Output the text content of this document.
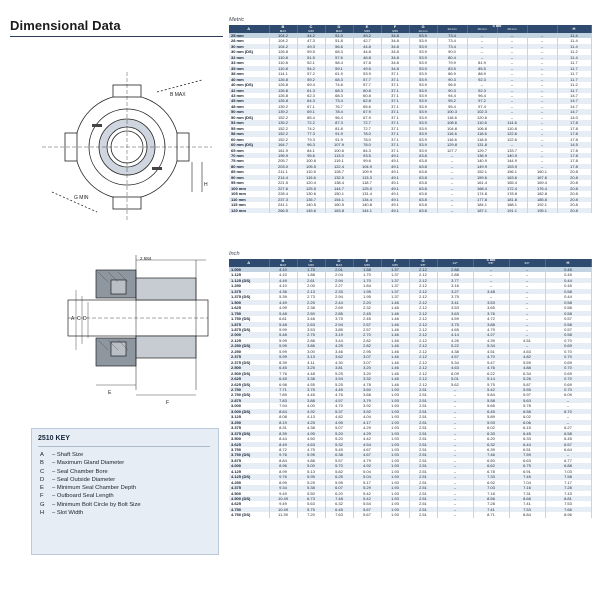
Dimensional Data
B MAX
G MIN
H
2.584
A C D
E
F
2510 KEY
A – Shaft Size
B – Maximum Gland Diameter
C – Seal Chamber Bore
D – Seal Outside Diameter
E – Minimum Seal Chamber Depth
F – Outboard Seal Length
G – Minimum Bolt Circle by Bolt Size
H – Slot Width
Metric
A	B
MAX	C
MIN	D
MAX	E
MIN	F
MIN	G
10 mm	12 mm	16 mm	20 mm		H

25 mm	104.2	44.2	51.0	49.2	34.8	53.9	73.4	–	–	–	11.4
28 mm	104.2	47.3	51.8	42.7	34.8	53.9	73.4	–	–	–	11.4
30 mm	104.2	49.3	56.6	44.8	34.8	53.9	73.4	–	–	–	11.4
30 mm (DS)	126.8	59.5	68.3	44.8	34.8	53.9	90.0	–	–	–	11.2
32 mm	110.8	51.5	57.6	46.8	34.8	53.9	80.4	–	–	–	11.4
33 mm	110.8	52.1	58.4	47.8	34.8	53.9	79.9	81.9	–	–	11.7
35 mm	110.8	54.2	59.1	49.6	34.8	53.9	83.5	85.5	–	–	11.7
38 mm	114.1	57.2	61.9	53.9	37.1	53.9	86.9	88.9	–	–	11.7
40 mm	126.8	59.2	68.3	57.7	37.1	53.9	90.3	92.3	–	–	11.7
40 mm (DS)	126.8	69.4	74.6	57.7	37.1	53.9	96.5	–	–	–	11.2
42 mm	126.8	61.3	68.3	60.8	37.1	53.9	90.3	92.3	–	–	11.7
43 mm	126.8	62.3	68.3	60.8	37.1	53.9	94.4	96.4	–	–	14.7
45 mm	126.8	64.3	73.4	62.8	37.1	53.9	95.2	97.2	–	–	14.7
48 mm	139.2	67.1	76.7	65.6	37.1	53.9	95.4	97.4	–	–	14.7
50 mm	139.2	69.1	78.4	67.9	37.1	53.9	100.3	102.3	–	–	14.7
50 mm (DS)	152.2	85.4	96.4	67.9	37.1	53.9	118.6	120.6	–	–	14.0
53 mm	139.2	72.2	87.3	72.7	37.1	53.9	108.6	110.6	114.6	–	17.8
55 mm	152.2	74.2	81.8	72.7	37.1	53.9	104.8	106.8	110.8	–	17.8
58 mm	152.2	77.3	91.9	78.0	37.1	53.9	116.6	118.6	122.6	–	17.8
60 mm	152.2	79.3	91.9	78.0	37.1	53.9	116.6	118.6	122.6	–	17.8
60 mm (DS)	164.7	96.3	107.9	78.0	37.1	53.9	129.8	131.8	–	–	14.5
65 mm	161.9	84.1	100.6	84.3	37.1	53.9	127.7	129.7	133.7	–	17.8
70 mm	195.9	95.6	113.0	93.5	49.1	63.8	–	136.9	140.9	–	17.8
75 mm	205.7	100.6	119.1	99.6	49.1	63.8	–	140.9	144.9	–	17.8
80 mm	203.0	105.5	122.4	104.9	49.1	63.8	–	149.9	153.9	–	17.8
85 mm	211.1	110.5	128.7	109.9	49.1	63.8	–	152.1	156.1	160.1	20.8
90 mm	214.4	115.6	132.0	113.3	49.1	63.8	–	159.6	163.6	167.6	20.8
95 mm	221.5	120.4	138.4	118.7	49.1	63.8	–	161.4	165.4	169.4	20.8
100 mm	227.6	125.5	144.7	125.0	49.1	63.8	–	168.4	172.4	176.4	20.8
105 mm	228.4	130.6	150.1	131.4	49.1	63.8	–	174.8	178.8	182.8	20.8
110 mm	237.3	135.7	154.1	134.4	49.1	63.8	–	177.8	181.8	185.8	20.8
115 mm	241.1	140.5	160.5	140.8	49.1	63.8	–	184.1	188.1	192.1	20.8
120 mm	266.5	145.6	163.8	144.1	49.1	63.8	–	187.1	191.1	195.1	20.8
Inch
A	B
MAX	C
MIN	D
MAX	E
MIN	F
MIN	G
3/8"	1/2"	5/8"	3/4"	H	

1.000	4.10	1.75	2.01	1.58	1.37	2.12	2.88	–	–	0.45	
1.125	4.10	1.88	2.04	1.70	1.37	2.12	2.88	–	–	0.45	
1.125 (DS)	4.49	2.61	2.94	1.70	1.37	2.12	3.77	–	–	0.44	
1.250	4.10	2.00	2.27	1.84	1.37	2.12	3.16	–	–	0.45	
1.375	4.36	2.13	2.33	1.95	1.37	2.12	3.27	3.48	–	0.58	
1.375 (DS)	5.39	2.73	2.94	1.95	1.37	2.12	3.75	–	–	0.44	
1.500	4.49	2.25	2.44	2.20	1.46	2.12	3.41	3.53	–	0.58	
1.625	4.99	2.38	2.69	2.32	1.46	2.12	3.53	3.65	–	0.58	
1.750	5.48	2.50	2.85	2.45	1.46	2.12	3.63	3.76	–	0.58	
1.750 (DS)	6.61	3.48	3.75	2.45	1.46	2.12	4.59	4.72	–	0.57	
1.875	5.48	2.63	2.94	2.57	1.46	2.12	3.75	3.88	–	0.58	
1.875 (DS)	5.99	3.53	3.85	2.57	1.46	2.12	4.65	4.79	–	0.57	
2.000	5.48	2.75	3.19	2.70	1.46	2.12	4.14	4.27	–	0.58	
2.125	5.99	2.88	3.44	2.82	1.46	2.12	4.26	4.39	4.51	0.70	
2.250 (DS)	5.99	3.86	4.25	2.82	1.46	2.12	5.22	5.34	–	0.69	
2.250	5.99	3.00	3.46	2.95	1.46	2.12	4.38	4.51	4.63	0.70	
2.375	5.99	3.13	3.62	3.07	1.46	2.12	4.57	4.70	4.82	0.70	
2.375 (DS)	8.39	4.11	4.30	3.07	1.46	2.12	5.34	5.47	5.59	0.69	
2.500	6.45	3.25	3.81	3.20	1.46	2.12	4.63	4.76	4.88	0.70	
2.500 (DS)	7.76	4.48	5.25	3.20	1.46	2.12	6.09	6.22	6.34	0.69	
2.625	6.45	3.38	3.94	3.32	1.46	2.12	5.01	5.14	5.26	0.70	
2.625 (DS)	6.98	4.55	5.25	4.78	1.46	2.12	5.62	5.75	5.87	0.69	
2.750	7.71	3.75	4.45	3.60	1.93	2.51	–	5.42	5.55	0.70	
2.750 (DS)	7.89	4.45	4.76	3.68	1.93	2.51	–	5.84	5.97	6.09	
2.875	7.83	3.88	4.57	3.79	1.93	2.51	–	5.58	5.63	–	
3.000	7.94	4.00	4.70	3.92	1.93	2.51	–	5.65	5.78	–	
3.000 (DS)	8.64	4.92	5.37	3.92	1.93	2.51	–	6.45	6.58	6.70	
3.125	8.08	4.13	4.82	4.04	1.93	2.51	–	5.89	6.02	–	
3.250	8.19	4.25	4.95	4.17	1.93	2.51	–	5.93	6.06	–	
3.375	8.31	4.38	5.07	4.29	1.93	2.51	–	6.02	6.15	6.27	
3.375 (DS)	8.39	4.95	5.20	4.29	1.93	2.51	–	6.33	6.45	6.58	
3.500	8.44	4.50	5.20	4.42	1.93	2.51	–	6.20	6.33	6.45	
3.625	8.49	4.63	5.32	4.54	1.93	2.51	–	6.32	6.44	6.57	
3.750	8.72	4.75	5.45	4.67	1.93	2.51	–	6.39	6.51	6.64	
3.750 (DS)	9.76	5.95	6.38	4.67	1.93	2.51	–	7.46	7.59	–	
3.875	8.84	4.88	5.57	4.79	1.93	2.51	–	6.50	6.63	6.77	
4.000	8.96	5.00	5.70	4.92	1.93	2.51	–	6.62	6.75	6.88	
4.125	8.99	5.13	5.82	5.04	1.93	2.51	–	6.78	6.91	7.03	
4.125 (DS)	9.76	5.95	6.25	5.04	1.93	2.51	–	7.33	7.45	7.58	
4.250	8.99	5.25	5.95	5.17	1.93	2.51	–	6.92	7.04	7.17	
4.375	9.34	5.38	6.07	5.29	1.93	2.51	–	7.03	7.16	7.28	
4.500	9.49	5.50	6.20	5.42	1.93	2.51	–	7.18	7.31	7.43	
4.500 (DS)	10.49	6.73	7.48	5.42	1.93	2.51	–	8.56	8.68	8.81	
4.625	9.49	5.63	6.32	5.54	1.93	2.51	–	7.28	7.41	7.53	
4.750	10.49	5.75	6.45	5.67	1.93	2.51	–	7.41	7.53	7.66	
4.750 (DS)	11.39	7.20	7.63	5.67	1.93	2.51	–	8.71	8.84	8.96	
G MIN
G MIN
